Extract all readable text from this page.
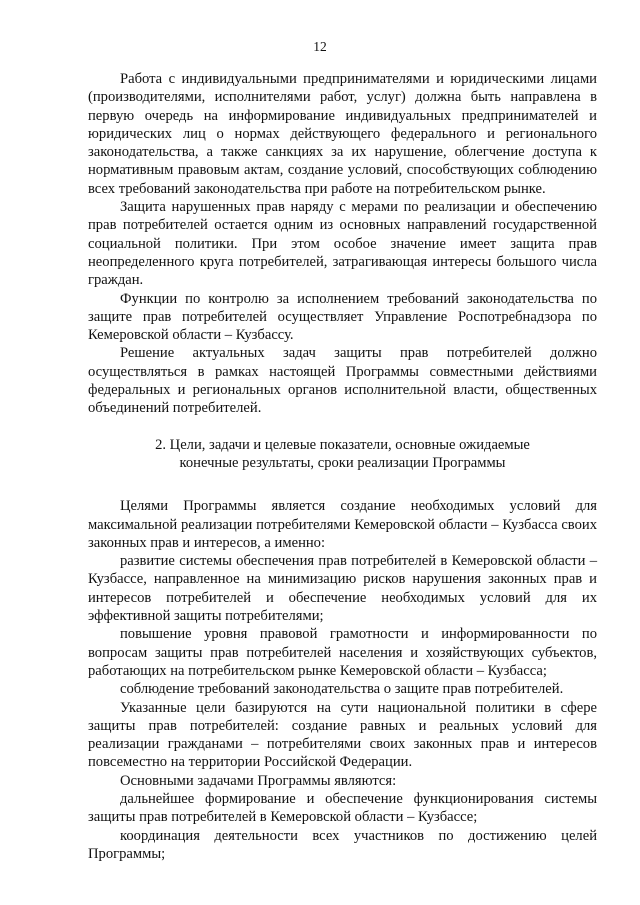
12

Работа с индивидуальными предпринимателями и юридическими лицами (производителями, исполнителями работ, услуг) должна быть направлена в первую очередь на информирование индивидуальных предпринимателей и юридических лиц о нормах действующего федерального и регионального законодательства, а также санкциях за их нарушение, облегчение доступа к нормативным правовым актам, создание условий, способствующих соблюдению всех требований законодательства при работе на потребительском рынке.

Защита нарушенных прав наряду с мерами по реализации и обеспечению прав потребителей остается одним из основных направлений государственной социальной политики. При этом особое значение имеет защита прав неопределенного круга потребителей, затрагивающая интересы большого числа граждан.

Функции по контролю за исполнением требований законодательства по защите прав потребителей осуществляет Управление Роспотребнадзора по Кемеровской области – Кузбассу.

Решение актуальных задач защиты прав потребителей должно осуществляться в рамках настоящей Программы совместными действиями федеральных и региональных органов исполнительной власти, общественных объединений потребителей.

2. Цели, задачи и целевые показатели, основные ожидаемые
конечные результаты, сроки реализации Программы

Целями Программы является создание необходимых условий для максимальной реализации потребителями Кемеровской области – Кузбасса своих законных прав и интересов, а именно:

развитие системы обеспечения прав потребителей в Кемеровской области – Кузбассе, направленное на минимизацию рисков нарушения законных прав и интересов потребителей и обеспечение необходимых условий для их эффективной защиты потребителями;

повышение уровня правовой грамотности и информированности по вопросам защиты прав потребителей населения и хозяйствующих субъектов, работающих на потребительском рынке Кемеровской области – Кузбасса;

соблюдение требований законодательства о защите прав потребителей.

Указанные цели базируются на сути национальной политики в сфере защиты прав потребителей: создание равных и реальных условий для реализации гражданами – потребителями своих законных прав и интересов повсеместно на территории Российской Федерации.

Основными задачами Программы являются:

дальнейшее формирование и обеспечение функционирования системы защиты прав потребителей в Кемеровской области – Кузбассе;

координация деятельности всех участников по достижению целей Программы;
